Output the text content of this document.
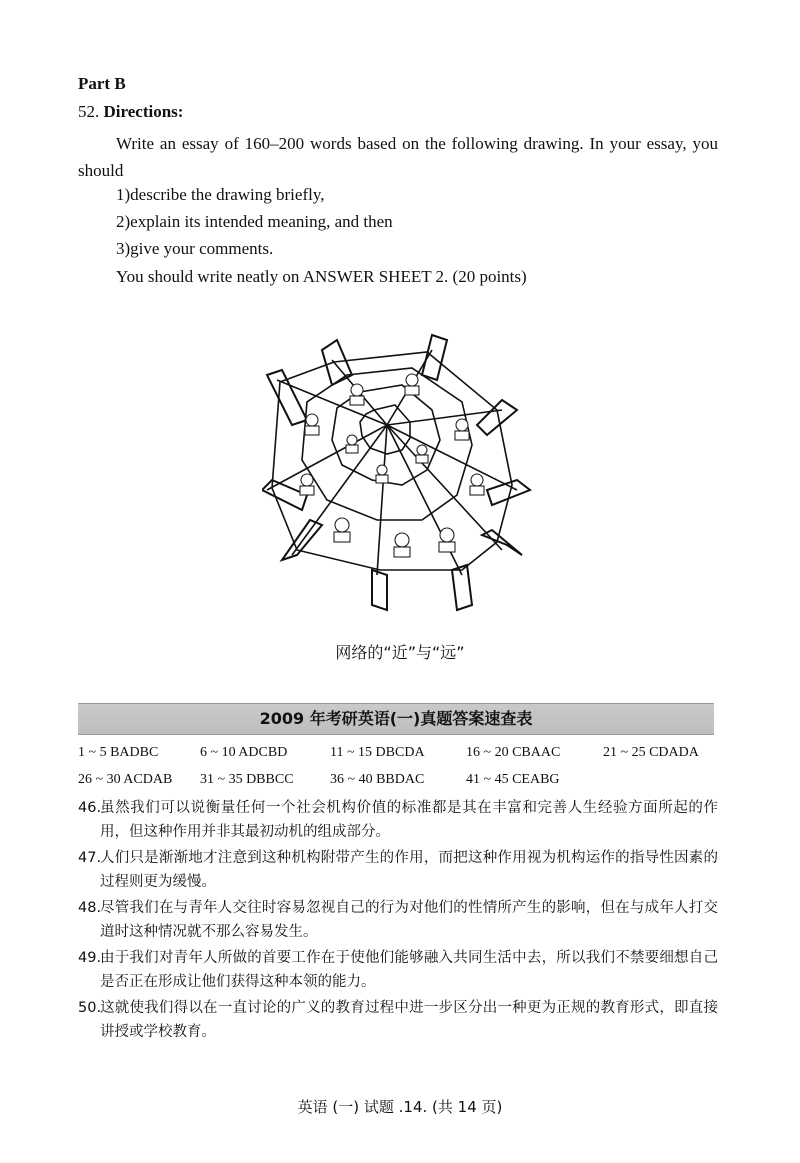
Part B
52. Directions:
Write an essay of 160–200 words based on the following drawing. In your essay, you should
1)describe the drawing briefly,
2)explain its intended meaning, and then
3)give your comments.
You should write neatly on ANSWER SHEET 2. (20 points)
网络的“近”与“远”
2009 年考研英语(一)真题答案速查表
1 ~ 5 BADBC	6 ~ 10 ADCBD	11 ~ 15 DBCDA	16 ~ 20 CBAAC	21 ~ 25 CDADA
26 ~ 30 ACDAB 31 ~ 35 DBBCC	36 ~ 40 BBDAC	41 ~ 45 CEABG
46.
虽然我们可以说衡量任何一个社会机构价值的标准都是其在丰富和完善人生经验方面所起的作用，但这种作用并非其最初动机的组成部分。
47.
人们只是渐渐地才注意到这种机构附带产生的作用，而把这种作用视为机构运作的指导性因素的过程则更为缓慢。
48.
尽管我们在与青年人交往时容易忽视自己的行为对他们的性情所产生的影响，但在与成年人打交道时这种情况就不那么容易发生。
49.
由于我们对青年人所做的首要工作在于使他们能够融入共同生活中去，所以我们不禁要细想自己是否正在形成让他们获得这种本领的能力。
50.
这就使我们得以在一直讨论的广义的教育过程中进一步区分出一种更为正规的教育形式，即直接讲授或学校教育。
英语 (一) 试题 .14. (共 14 页)
